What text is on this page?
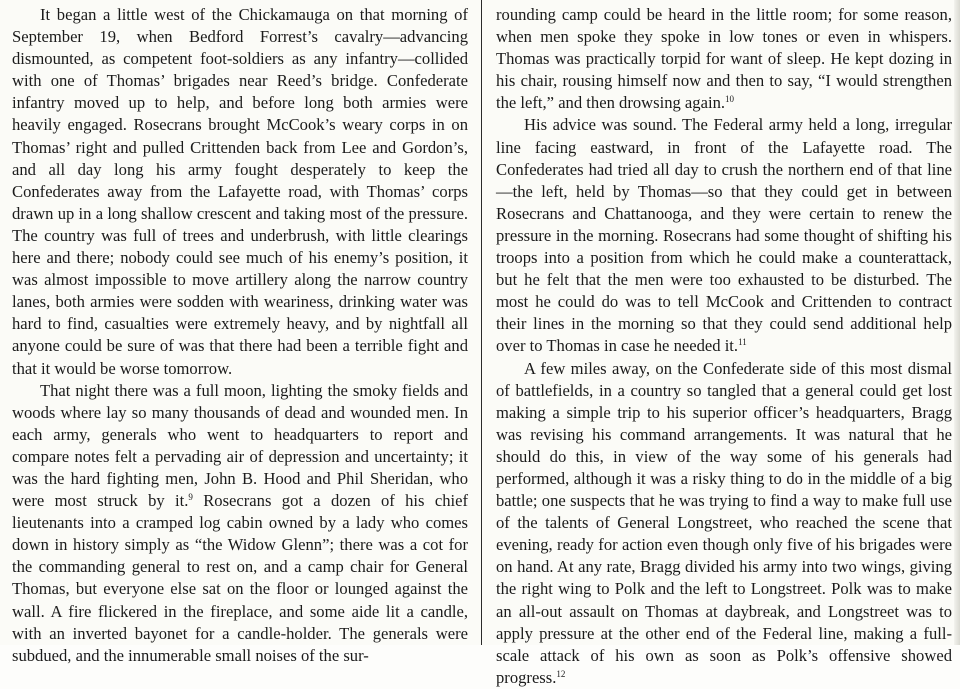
It began a little west of the Chickamauga on that morning of September 19, when Bedford Forrest’s cavalry—advancing dismounted, as competent foot-soldiers as any infantry—collided with one of Thomas’ brigades near Reed’s bridge. Confederate infantry moved up to help, and before long both armies were heavily engaged. Rosecrans brought McCook’s weary corps in on Thomas’ right and pulled Crittenden back from Lee and Gordon’s, and all day long his army fought desperately to keep the Confederates away from the Lafayette road, with Thomas’ corps drawn up in a long shallow crescent and taking most of the pressure. The country was full of trees and underbrush, with little clearings here and there; nobody could see much of his enemy’s position, it was almost impossible to move artillery along the narrow country lanes, both armies were sodden with weariness, drinking water was hard to find, casualties were extremely heavy, and by nightfall all anyone could be sure of was that there had been a terrible fight and that it would be worse tomorrow.

That night there was a full moon, lighting the smoky fields and woods where lay so many thousands of dead and wounded men. In each army, generals who went to headquarters to report and compare notes felt a pervading air of depression and uncertainty; it was the hard fighting men, John B. Hood and Phil Sheridan, who were most struck by it.$^9$ Rosecrans got a dozen of his chief lieutenants into a cramped log cabin owned by a lady who comes down in history simply as “the Widow Glenn”; there was a cot for the commanding general to rest on, and a camp chair for General Thomas, but everyone else sat on the floor or lounged against the wall. A fire flickered in the fireplace, and some aide lit a candle, with an inverted bayonet for a candle-holder. The generals were subdued, and the innumerable small noises of the sur-

rounding camp could be heard in the little room; for some reason, when men spoke they spoke in low tones or even in whispers. Thomas was practically torpid for want of sleep. He kept dozing in his chair, rousing himself now and then to say, “I would strengthen the left,” and then drowsing again.$^{10}$

His advice was sound. The Federal army held a long, irregular line facing eastward, in front of the Lafayette road. The Confederates had tried all day to crush the northern end of that line—the left, held by Thomas—so that they could get in between Rosecrans and Chattanooga, and they were certain to renew the pressure in the morning. Rosecrans had some thought of shifting his troops into a position from which he could make a counterattack, but he felt that the men were too exhausted to be disturbed. The most he could do was to tell McCook and Crittenden to contract their lines in the morning so that they could send additional help over to Thomas in case he needed it.$^{11}$

A few miles away, on the Confederate side of this most dismal of battlefields, in a country so tangled that a general could get lost making a simple trip to his superior officer’s headquarters, Bragg was revising his command arrangements. It was natural that he should do this, in view of the way some of his generals had performed, although it was a risky thing to do in the middle of a big battle; one suspects that he was trying to find a way to make full use of the talents of General Longstreet, who reached the scene that evening, ready for action even though only five of his brigades were on hand. At any rate, Bragg divided his army into two wings, giving the right wing to Polk and the left to Longstreet. Polk was to make an all-out assault on Thomas at daybreak, and Longstreet was to apply pressure at the other end of the Federal line, making a full-scale attack of his own as soon as Polk’s offensive showed progress.$^{12}$
